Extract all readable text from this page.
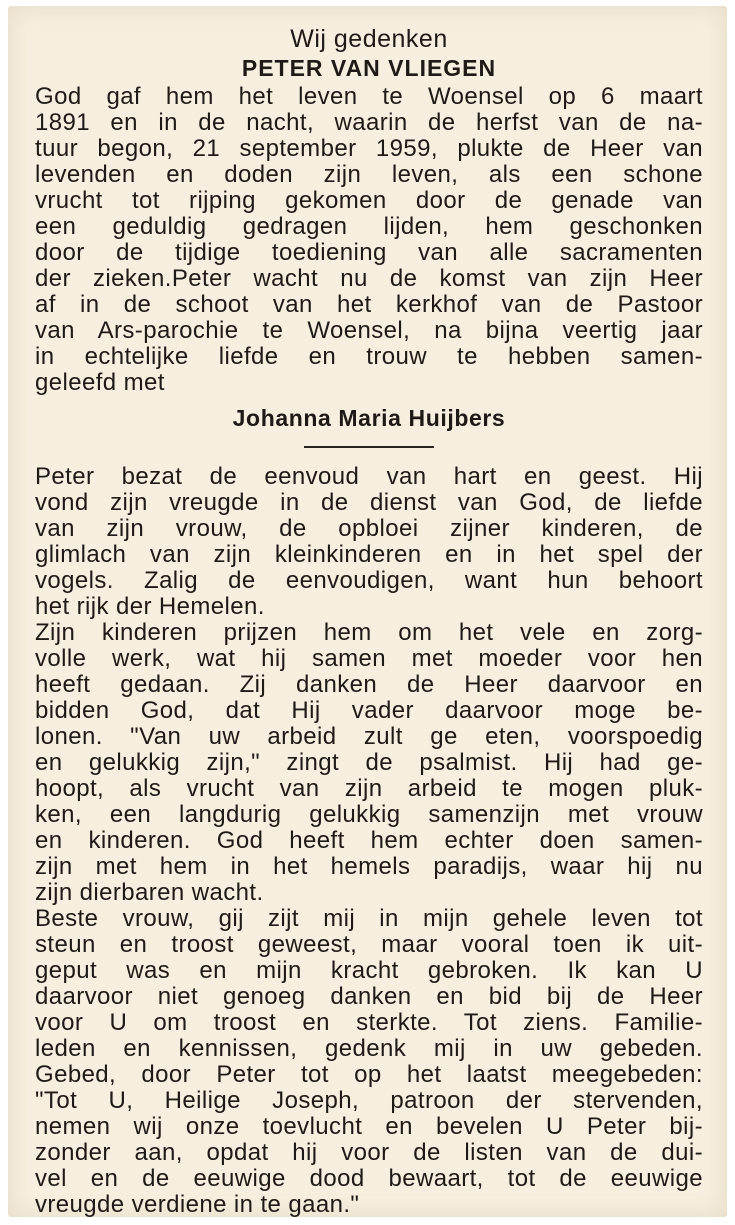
Wij gedenken
PETER VAN VLIEGEN
God gaf hem het leven te Woensel op 6 maart
1891 en in de nacht, waarin de herfst van de na-
tuur begon, 21 september 1959, plukte de Heer van
levenden en doden zijn leven, als een schone
vrucht tot rijping gekomen door de genade van
een geduldig gedragen lijden, hem geschonken
door de tijdige toediening van alle sacramenten
der zieken.Peter wacht nu de komst van zijn Heer
af in de schoot van het kerkhof van de Pastoor
van Ars-parochie te Woensel, na bijna veertig jaar
in echtelijke liefde en trouw te hebben samen-
geleefd met
Johanna Maria Huijbers
Peter bezat de eenvoud van hart en geest. Hij
vond zijn vreugde in de dienst van God, de liefde
van zijn vrouw, de opbloei zijner kinderen, de
glimlach van zijn kleinkinderen en in het spel der
vogels. Zalig de eenvoudigen, want hun behoort
het rijk der Hemelen.
Zijn kinderen prijzen hem om het vele en zorg-
volle werk, wat hij samen met moeder voor hen
heeft gedaan. Zij danken de Heer daarvoor en
bidden God, dat Hij vader daarvoor moge be-
lonen. "Van uw arbeid zult ge eten, voorspoedig
en gelukkig zijn," zingt de psalmist. Hij had ge-
hoopt, als vrucht van zijn arbeid te mogen pluk-
ken, een langdurig gelukkig samenzijn met vrouw
en kinderen. God heeft hem echter doen samen-
zijn met hem in het hemels paradijs, waar hij nu
zijn dierbaren wacht.
Beste vrouw, gij zijt mij in mijn gehele leven tot
steun en troost geweest, maar vooral toen ik uit-
geput was en mijn kracht gebroken. Ik kan U
daarvoor niet genoeg danken en bid bij de Heer
voor U om troost en sterkte. Tot ziens. Familie-
leden en kennissen, gedenk mij in uw gebeden.
Gebed, door Peter tot op het laatst meegebeden:
"Tot U, Heilige Joseph, patroon der stervenden,
nemen wij onze toevlucht en bevelen U Peter bij-
zonder aan, opdat hij voor de listen van de dui-
vel en de eeuwige dood bewaart, tot de eeuwige
vreugde verdiene in te gaan."
